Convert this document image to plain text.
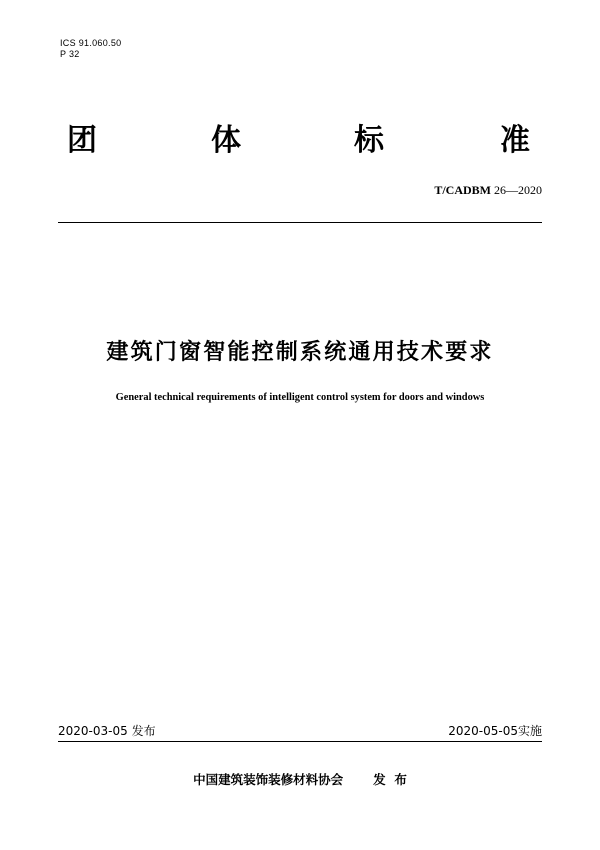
ICS 91.060.50
P 32
团	体	标	准
T/CADBM 26—2020
建筑门窗智能控制系统通用技术要求
General technical requirements of intelligent control system for doors and windows
2020-03-05 发布	2020-05-05实施
中国建筑装饰装修材料协会 发  布
